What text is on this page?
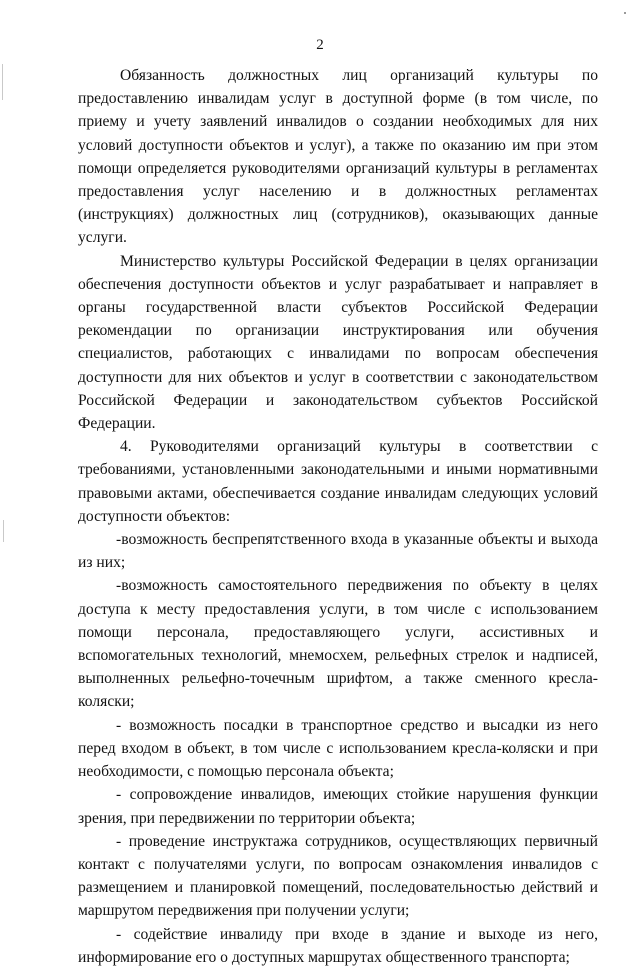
2

Обязанность должностных лиц организаций культуры по предоставлению инвалидам услуг в доступной форме (в том числе, по приему и учету заявлений инвалидов о создании необходимых для них условий доступности объектов и услуг), а также по оказанию им при этом помощи определяется руководителями организаций культуры в регламентах предоставления услуг населению и в должностных регламентах (инструкциях) должностных лиц (сотрудников), оказывающих данные услуги.

Министерство культуры Российской Федерации в целях организации обеспечения доступности объектов и услуг разрабатывает и направляет в органы государственной власти субъектов Российской Федерации рекомендации по организации инструктирования или обучения специалистов, работающих с инвалидами по вопросам обеспечения доступности для них объектов и услуг в соответствии с законодательством Российской Федерации и законодательством субъектов Российской Федерации.

4. Руководителями организаций культуры в соответствии с требованиями, установленными законодательными и иными нормативными правовыми актами, обеспечивается создание инвалидам следующих условий доступности объектов:

-возможность беспрепятственного входа в указанные объекты и выхода из них;

-возможность самостоятельного передвижения по объекту в целях доступа к месту предоставления услуги, в том числе с использованием помощи персонала, предоставляющего услуги, ассистивных и вспомогательных технологий, мнемосхем, рельефных стрелок и надписей, выполненных рельефно-точечным шрифтом, а также сменного кресла-коляски;

- возможность посадки в транспортное средство и высадки из него перед входом в объект, в том числе с использованием кресла-коляски и при необходимости, с помощью персонала объекта;

- сопровождение инвалидов, имеющих стойкие нарушения функции зрения, при передвижении по территории объекта;

- проведение инструктажа сотрудников, осуществляющих первичный контакт с получателями услуги, по вопросам ознакомления инвалидов с размещением и планировкой помещений, последовательностью действий и маршрутом передвижения при получении услуги;

- содействие инвалиду при входе в здание и выходе из него, информирование его о доступных маршрутах общественного транспорта;
